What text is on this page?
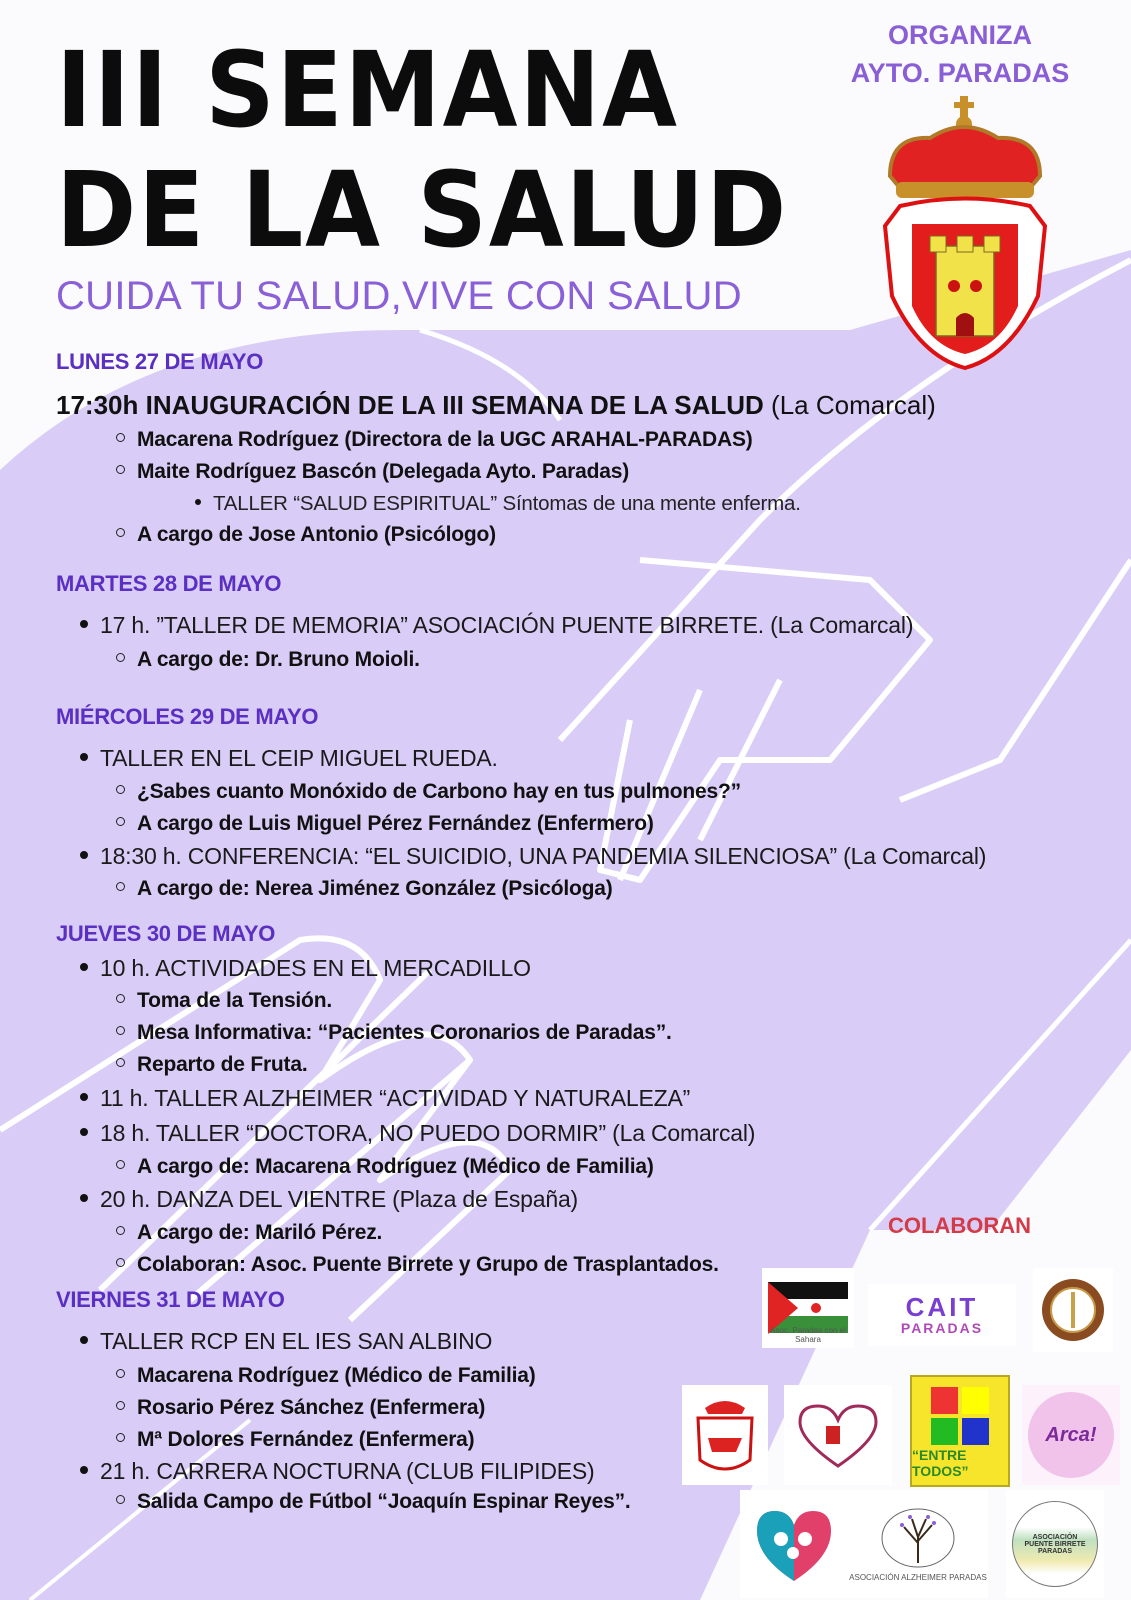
III SEMANA
DE LA SALUD
CUIDA TU SALUD,VIVE CON SALUD
ORGANIZA
AYTO. PARADAS
LUNES 27 DE MAYO
17:30h INAUGURACIÓN DE LA III SEMANA DE LA SALUD (La Comarcal)
Macarena Rodríguez (Directora de la UGC ARAHAL-PARADAS)
Maite Rodríguez Bascón (Delegada Ayto. Paradas)
TALLER “SALUD ESPIRITUAL” Síntomas de una mente enferma.
A cargo de Jose Antonio (Psicólogo)
MARTES 28 DE MAYO
17 h. ”TALLER DE MEMORIA” ASOCIACIÓN PUENTE BIRRETE. (La Comarcal)
A cargo de: Dr. Bruno Moioli.
MIÉRCOLES 29 DE MAYO
TALLER EN EL CEIP MIGUEL RUEDA.
¿Sabes cuanto Monóxido de Carbono hay en tus pulmones?”
A cargo de Luis Miguel Pérez Fernández (Enfermero)
18:30 h. CONFERENCIA: “EL SUICIDIO, UNA PANDEMIA SILENCIOSA” (La Comarcal)
A cargo de: Nerea Jiménez González (Psicóloga)
JUEVES 30 DE MAYO
10 h. ACTIVIDADES EN EL MERCADILLO
Toma de la Tensión.
Mesa Informativa: “Pacientes Coronarios de Paradas”.
Reparto de Fruta.
11 h. TALLER ALZHEIMER “ACTIVIDAD Y NATURALEZA”
18 h. TALLER “DOCTORA, NO PUEDO DORMIR” (La Comarcal)
A cargo de: Macarena Rodríguez (Médico de Familia)
20 h. DANZA DEL VIENTRE (Plaza de España)
A cargo de: Mariló Pérez.
Colaboran: Asoc. Puente Birrete y Grupo de Trasplantados.
VIERNES 31 DE MAYO
TALLER RCP EN EL IES SAN ALBINO
Macarena Rodríguez (Médico de Familia)
Rosario Pérez Sánchez (Enfermera)
Mª Dolores Fernández (Enfermera)
21 h. CARRERA NOCTURNA (CLUB FILIPIDES)
Salida Campo de Fútbol “Joaquín Espinar Reyes”.
COLABORAN
Asoc. Paradas con el Sahara
CAIT
PARADAS
“ENTRE TODOS”
Arca!
ASOCIACIÓN ALZHEIMER PARADAS
ASOCIACIÓN PUENTE BIRRETE PARADAS
